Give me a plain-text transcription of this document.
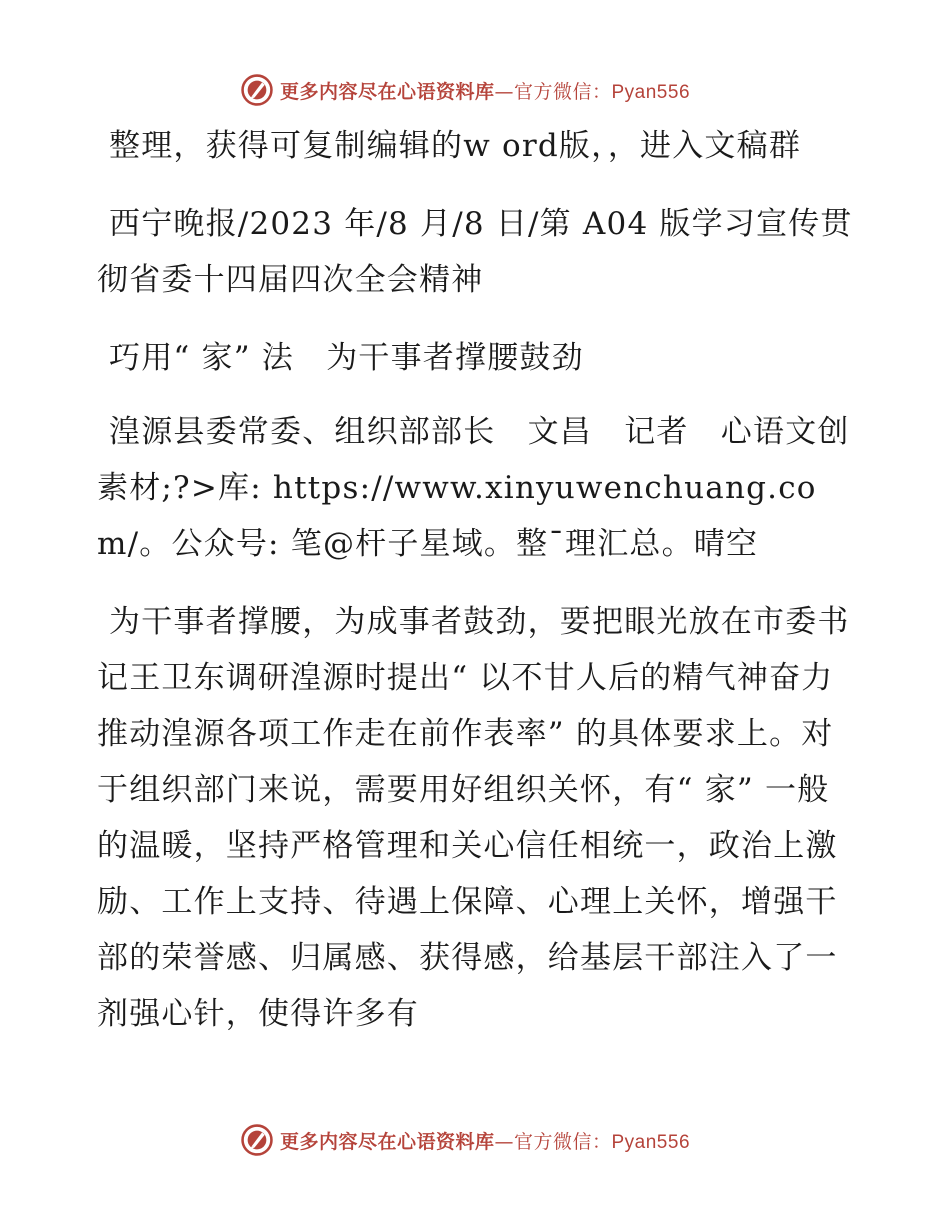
更多内容尽在心语资料库—官方微信：Pyan556

整理，获得可复制编辑的w ord版，，进入文稿群

西宁晚报/2023 年/8 月/8 日/第 A04 版学习宣传贯彻省委十四届四次全会精神

巧用“ 家” 法　为干事者撑腰鼓劲

湟源县委常委、组织部部长　文昌　记者　心语文创素材;?>库: https://www.xinyuwenchuang.com/。公众号: 笔@杆子星域。整¯理汇总。晴空

为干事者撑腰，为成事者鼓劲，要把眼光放在市委书记王卫东调研湟源时提出“ 以不甘人后的精气神奋力推动湟源各项工作走在前作表率” 的具体要求上。对于组织部门来说，需要用好组织关怀，有“ 家” 一般的温暖，坚持严格管理和关心信任相统一，政治上激励、工作上支持、待遇上保障、心理上关怀，增强干部的荣誉感、归属感、获得感，给基层干部注入了一剂强心针，使得许多有

更多内容尽在心语资料库—官方微信：Pyan556
